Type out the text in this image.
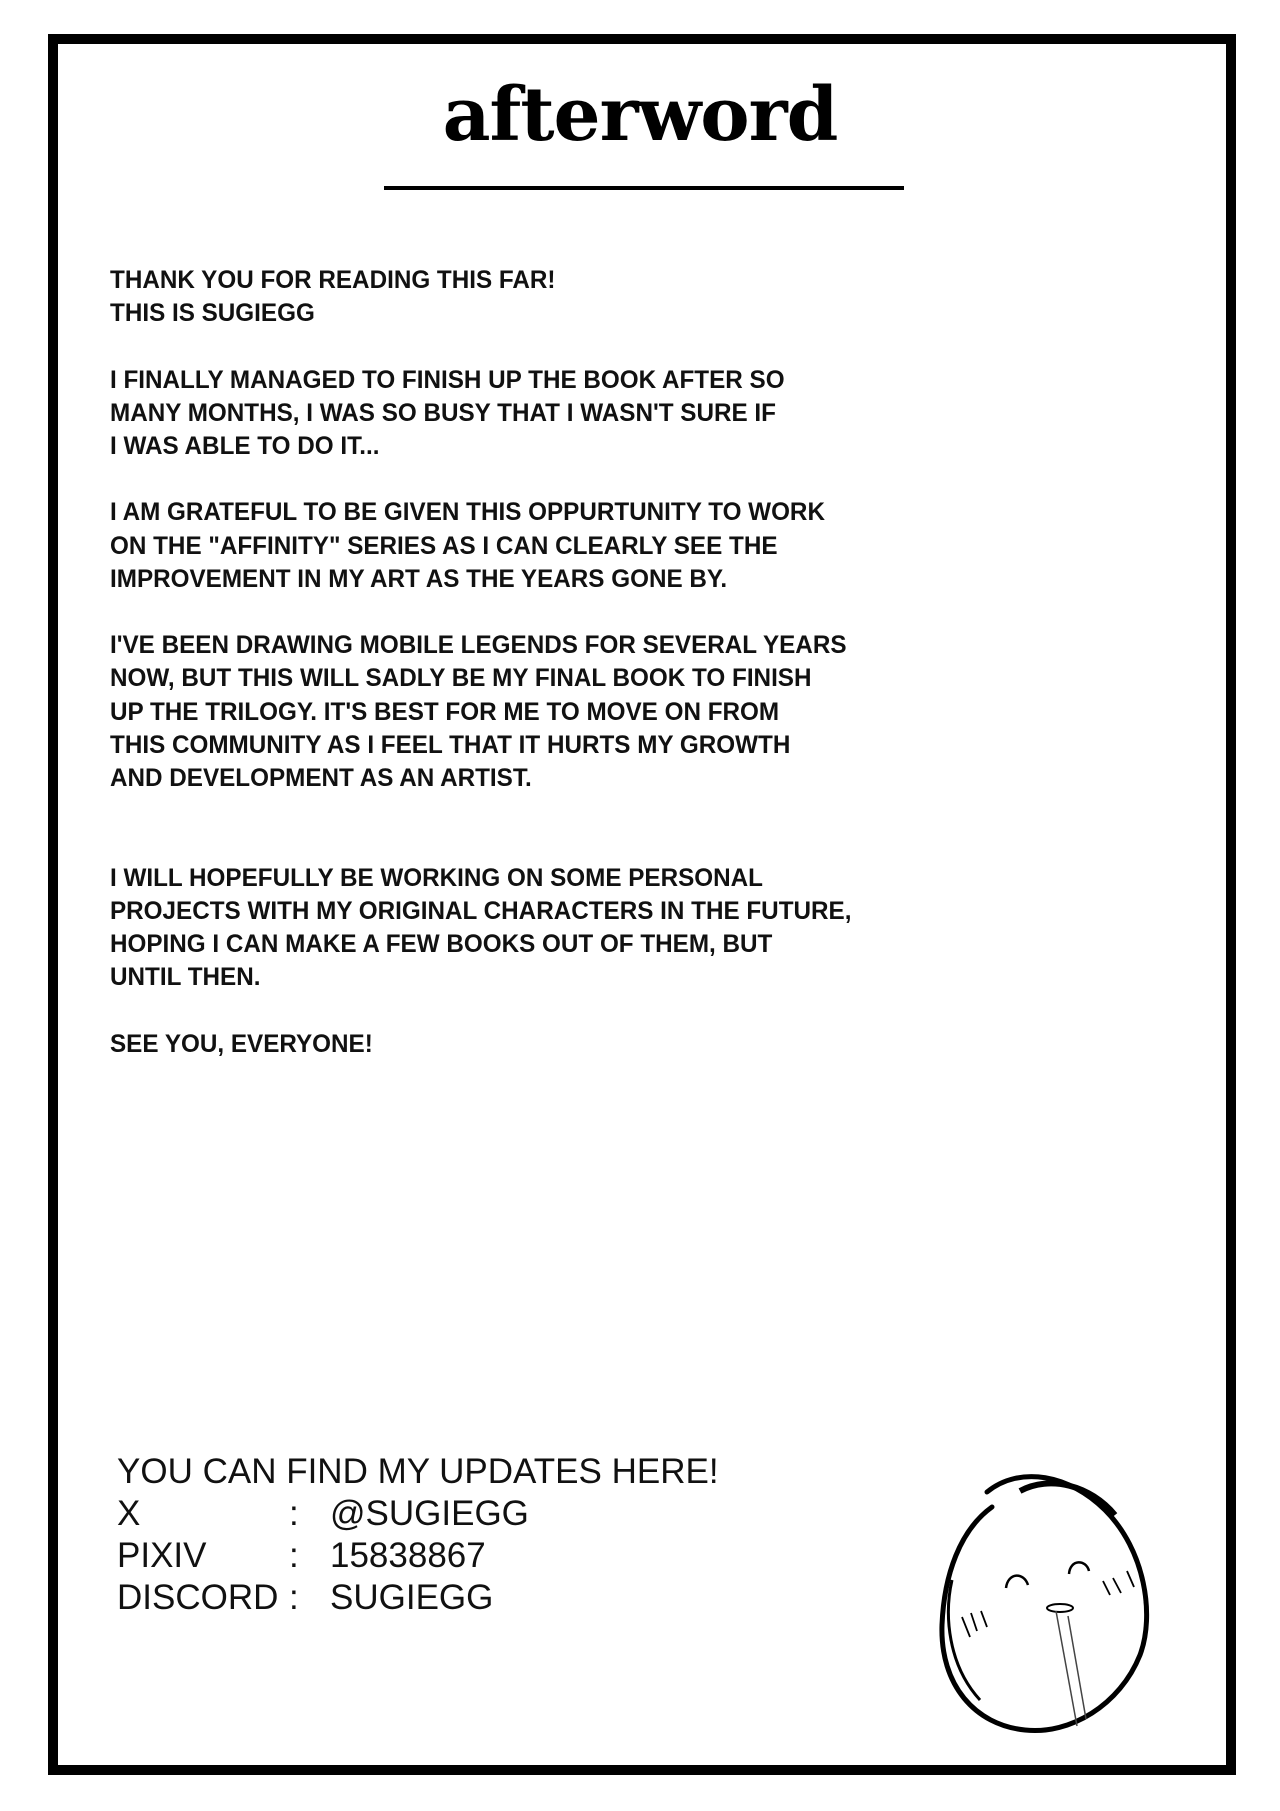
afterword
THANK YOU FOR READING THIS FAR!
THIS IS SUGIEGG
I FINALLY MANAGED TO FINISH UP THE BOOK AFTER SO
MANY MONTHS, I WAS SO BUSY THAT I WASN'T SURE IF
I WAS ABLE TO DO IT...
I AM GRATEFUL TO BE GIVEN THIS OPPURTUNITY TO WORK
ON THE "AFFINITY" SERIES AS I CAN CLEARLY SEE THE
IMPROVEMENT IN MY ART AS THE YEARS GONE BY.
I'VE BEEN DRAWING MOBILE LEGENDS FOR SEVERAL YEARS
NOW, BUT THIS WILL SADLY BE MY FINAL BOOK TO FINISH
UP THE TRILOGY. IT'S BEST FOR ME TO MOVE ON FROM
THIS COMMUNITY AS I FEEL THAT IT HURTS MY GROWTH
AND DEVELOPMENT AS AN ARTIST.
I WILL HOPEFULLY BE WORKING ON SOME PERSONAL
PROJECTS WITH MY ORIGINAL CHARACTERS IN THE FUTURE,
HOPING I CAN MAKE A FEW BOOKS OUT OF THEM, BUT
UNTIL THEN.
SEE YOU, EVERYONE!
YOU CAN FIND MY UPDATES HERE!
X	: @SUGIEGG
PIXIV : 15838867
DISCORD : SUGIEGG
